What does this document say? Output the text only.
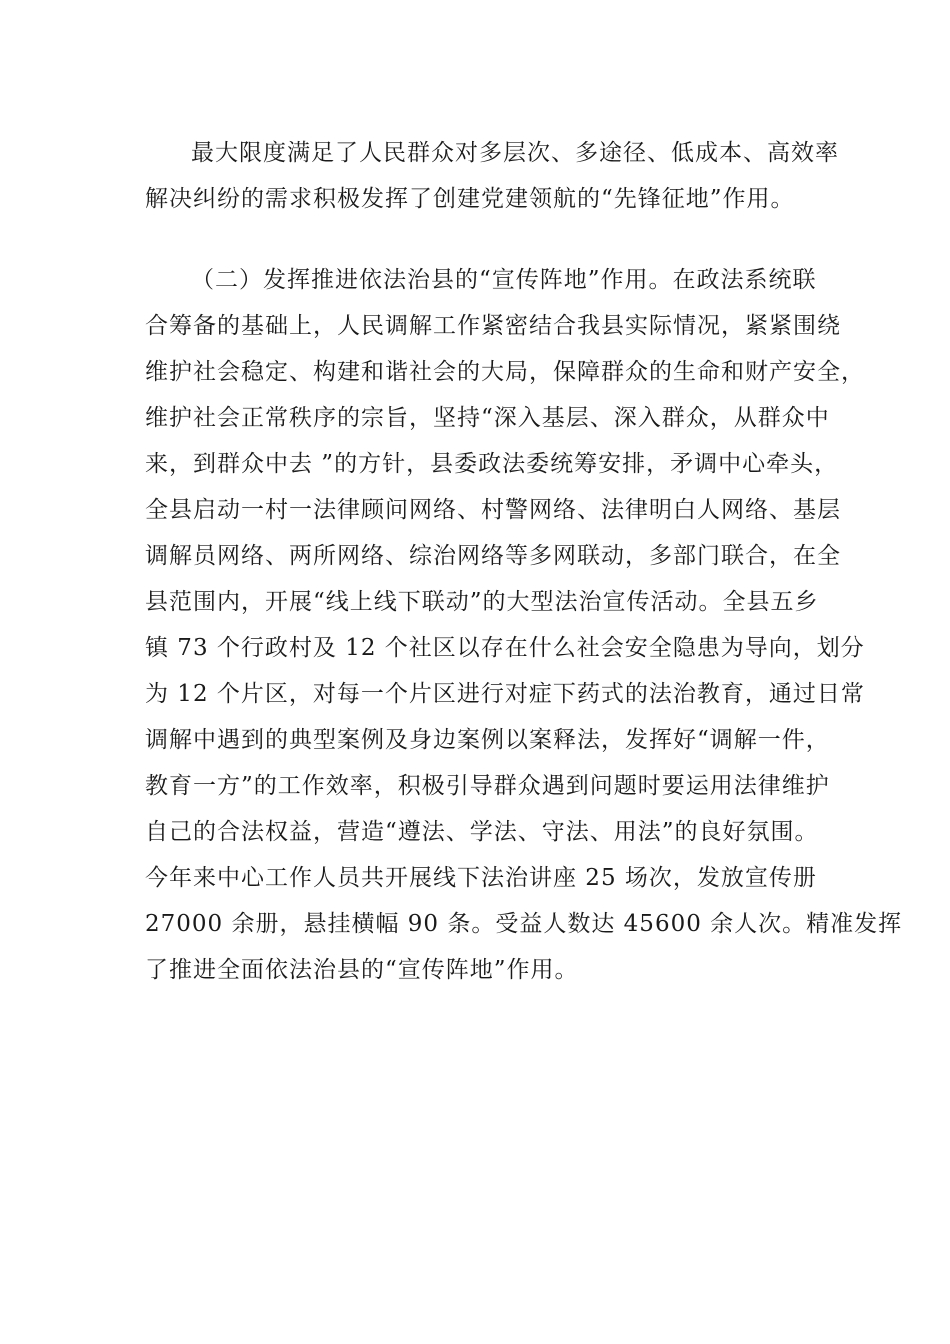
最大限度满足了人民群众对多层次、多途径、低成本、高效率
解决纠纷的需求积极发挥了创建党建领航的“先锋征地”作用。
（二）发挥推进依法治县的“宣传阵地”作用。在政法系统联
合筹备的基础上，人民调解工作紧密结合我县实际情况，紧紧围绕
维护社会稳定、构建和谐社会的大局，保障群众的生命和财产安全，
维护社会正常秩序的宗旨，坚持“深入基层、深入群众，从群众中
来，到群众中去 ”的方针，县委政法委统筹安排，矛调中心牵头，
全县启动一村一法律顾问网络、村警网络、法律明白人网络、基层
调解员网络、两所网络、综治网络等多网联动，多部门联合，在全
县范围内，开展“线上线下联动”的大型法治宣传活动。全县五乡
镇 73 个行政村及 12 个社区以存在什么社会安全隐患为导向，划分
为 12 个片区，对每一个片区进行对症下药式的法治教育，通过日常
调解中遇到的典型案例及身边案例以案释法，发挥好“调解一件，
教育一方”的工作效率，积极引导群众遇到问题时要运用法律维护
自己的合法权益，营造“遵法、学法、守法、用法”的良好氛围。
今年来中心工作人员共开展线下法治讲座 25 场次，发放宣传册
27000 余册，悬挂横幅 90 条。受益人数达 45600 余人次。精准发挥
了推进全面依法治县的“宣传阵地”作用。
